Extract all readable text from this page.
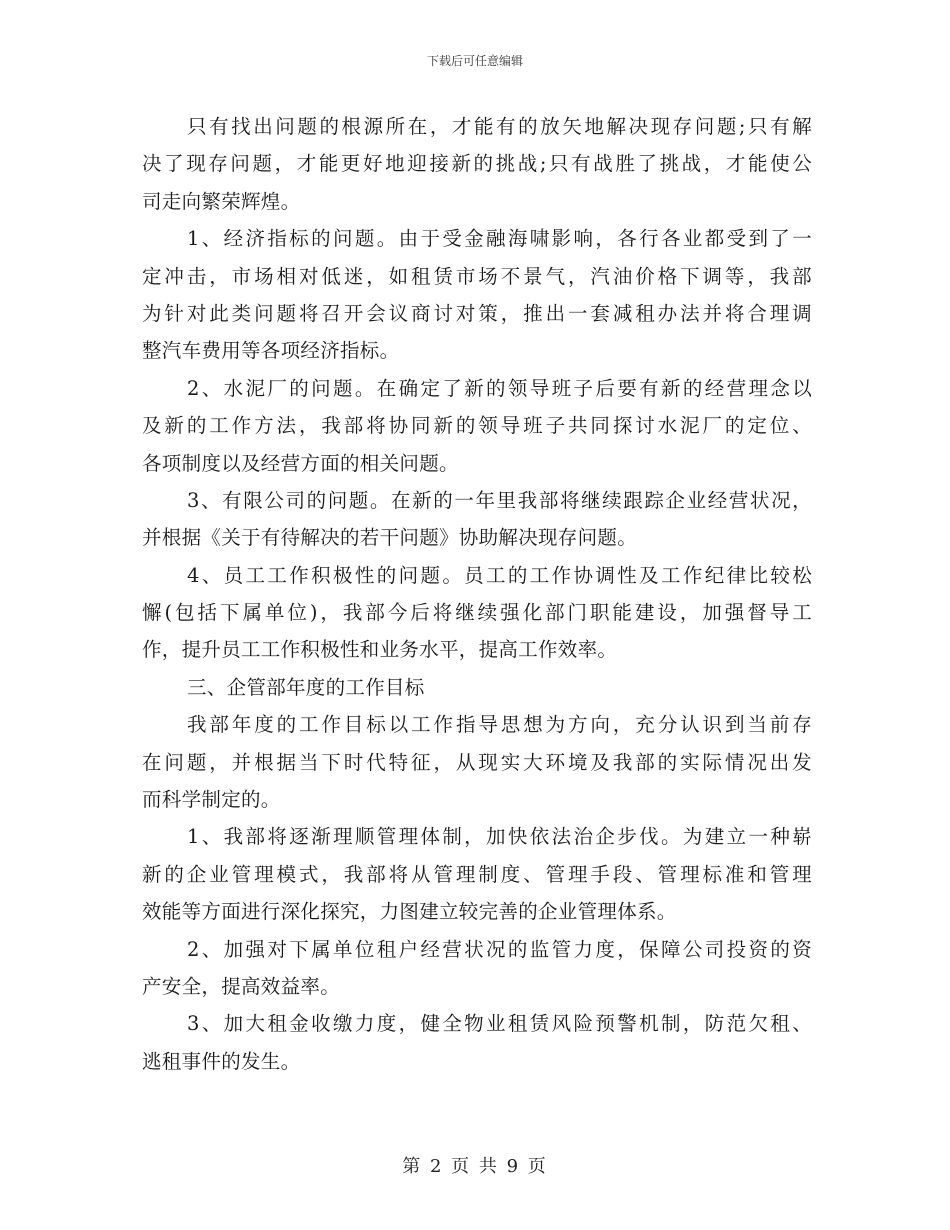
下载后可任意编辑
只有找出问题的根源所在，才能有的放矢地解决现存问题;只有解
决了现存问题，才能更好地迎接新的挑战;只有战胜了挑战，才能使公
司走向繁荣辉煌。
1、经济指标的问题。由于受金融海啸影响，各行各业都受到了一
定冲击，市场相对低迷，如租赁市场不景气，汽油价格下调等，我部
为针对此类问题将召开会议商讨对策，推出一套减租办法并将合理调
整汽车费用等各项经济指标。
2、水泥厂的问题。在确定了新的领导班子后要有新的经营理念以
及新的工作方法，我部将协同新的领导班子共同探讨水泥厂的定位、
各项制度以及经营方面的相关问题。
3、有限公司的问题。在新的一年里我部将继续跟踪企业经营状况，
并根据《关于有待解决的若干问题》协助解决现存问题。
4、员工工作积极性的问题。员工的工作协调性及工作纪律比较松
懈(包括下属单位)，我部今后将继续强化部门职能建设，加强督导工
作，提升员工工作积极性和业务水平，提高工作效率。
三、企管部年度的工作目标
我部年度的工作目标以工作指导思想为方向，充分认识到当前存
在问题，并根据当下时代特征，从现实大环境及我部的实际情况出发
而科学制定的。
1、我部将逐渐理顺管理体制，加快依法治企步伐。为建立一种崭
新的企业管理模式，我部将从管理制度、管理手段、管理标准和管理
效能等方面进行深化探究，力图建立较完善的企业管理体系。
2、加强对下属单位租户经营状况的监管力度，保障公司投资的资
产安全，提高效益率。
3、加大租金收缴力度，健全物业租赁风险预警机制，防范欠租、
逃租事件的发生。
第 2 页 共 9 页
